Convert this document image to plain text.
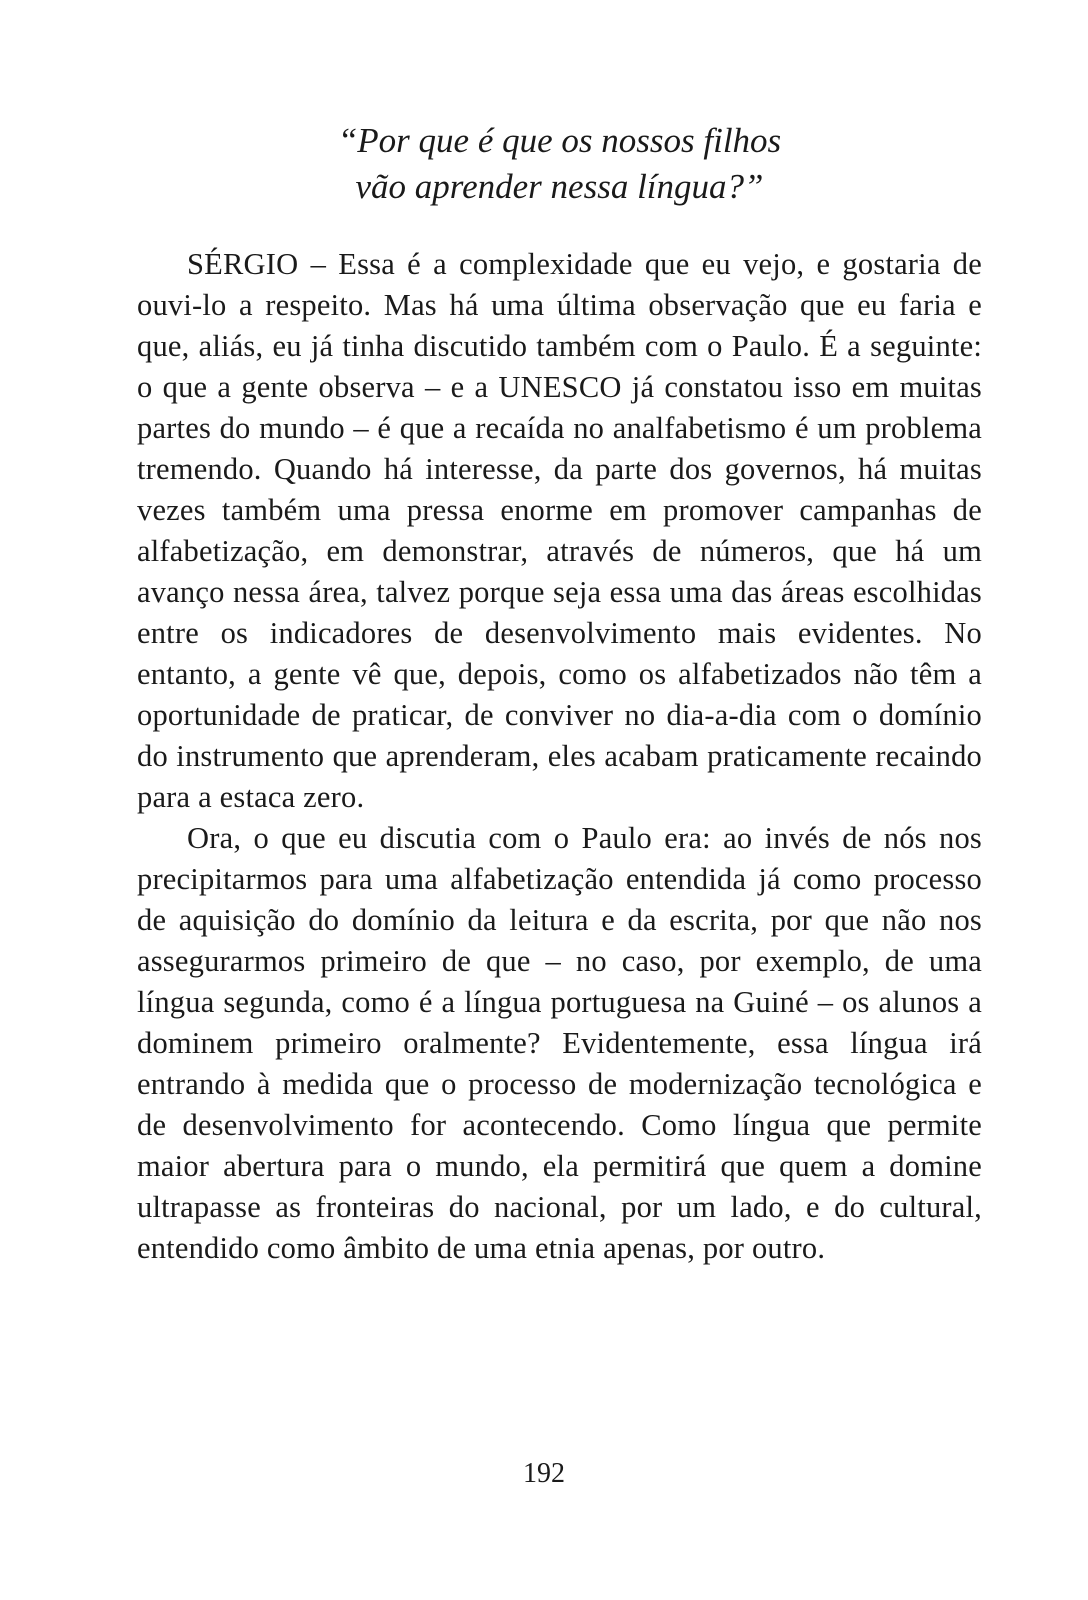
“Por que é que os nossos filhos
vão aprender nessa língua?”

SÉRGIO – Essa é a complexidade que eu vejo, e gostaria de ouvi-lo a respeito. Mas há uma última observação que eu faria e que, aliás, eu já tinha discutido também com o Paulo. É a seguinte: o que a gente observa – e a UNESCO já constatou isso em muitas partes do mundo – é que a recaída no analfabetismo é um problema tremendo. Quando há interesse, da parte dos governos, há muitas vezes também uma pressa enorme em promover campanhas de alfabetização, em demonstrar, através de números, que há um avanço nessa área, talvez porque seja essa uma das áreas escolhidas entre os indicadores de desenvolvimento mais evidentes. No entanto, a gente vê que, depois, como os alfabetizados não têm a oportunidade de praticar, de conviver no dia-a-dia com o domínio do instrumento que aprenderam, eles acabam praticamente recaindo para a estaca zero.

Ora, o que eu discutia com o Paulo era: ao invés de nós nos precipitarmos para uma alfabetização entendida já como processo de aquisição do domínio da leitura e da escrita, por que não nos assegurarmos primeiro de que – no caso, por exemplo, de uma língua segunda, como é a língua portuguesa na Guiné – os alunos a dominem primeiro oralmente? Evidentemente, essa língua irá entrando à medida que o processo de modernização tecnológica e de desenvolvimento for acontecendo. Como língua que permite maior abertura para o mundo, ela permitirá que quem a domine ultrapasse as fronteiras do nacional, por um lado, e do cultural, entendido como âmbito de uma etnia apenas, por outro.

192
